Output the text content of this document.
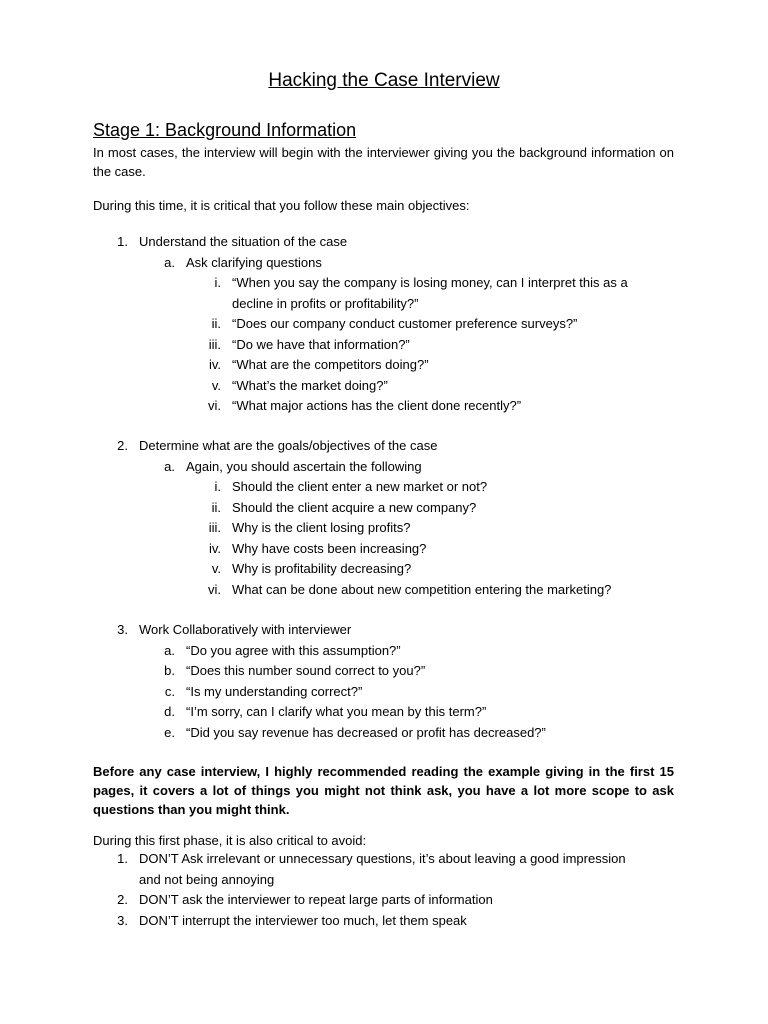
Hacking the Case Interview
Stage 1: Background Information
In most cases, the interview will begin with the interviewer giving you the background information on the case.
During this time, it is critical that you follow these main objectives:
1. Understand the situation of the case
a. Ask clarifying questions
i. “When you say the company is losing money, can I interpret this as a
decline in profits or profitability?”
ii. “Does our company conduct customer preference surveys?”
iii. “Do we have that information?”
iv. “What are the competitors doing?”
v. “What’s the market doing?”
vi. “What major actions has the client done recently?”
2. Determine what are the goals/objectives of the case
a. Again, you should ascertain the following
i. Should the client enter a new market or not?
ii. Should the client acquire a new company?
iii. Why is the client losing profits?
iv. Why have costs been increasing?
v. Why is profitability decreasing?
vi. What can be done about new competition entering the marketing?
3. Work Collaboratively with interviewer
a. “Do you agree with this assumption?”
b. “Does this number sound correct to you?”
c. “Is my understanding correct?”
d. “I’m sorry, can I clarify what you mean by this term?”
e. “Did you say revenue has decreased or profit has decreased?”
Before any case interview, I highly recommended reading the example giving in the first 15 pages, it covers a lot of things you might not think ask, you have a lot more scope to ask questions than you might think.
During this first phase, it is also critical to avoid:
1. DON’T Ask irrelevant or unnecessary questions, it’s about leaving a good impression
and not being annoying
2. DON’T ask the interviewer to repeat large parts of information
3. DON’T interrupt the interviewer too much, let them speak
